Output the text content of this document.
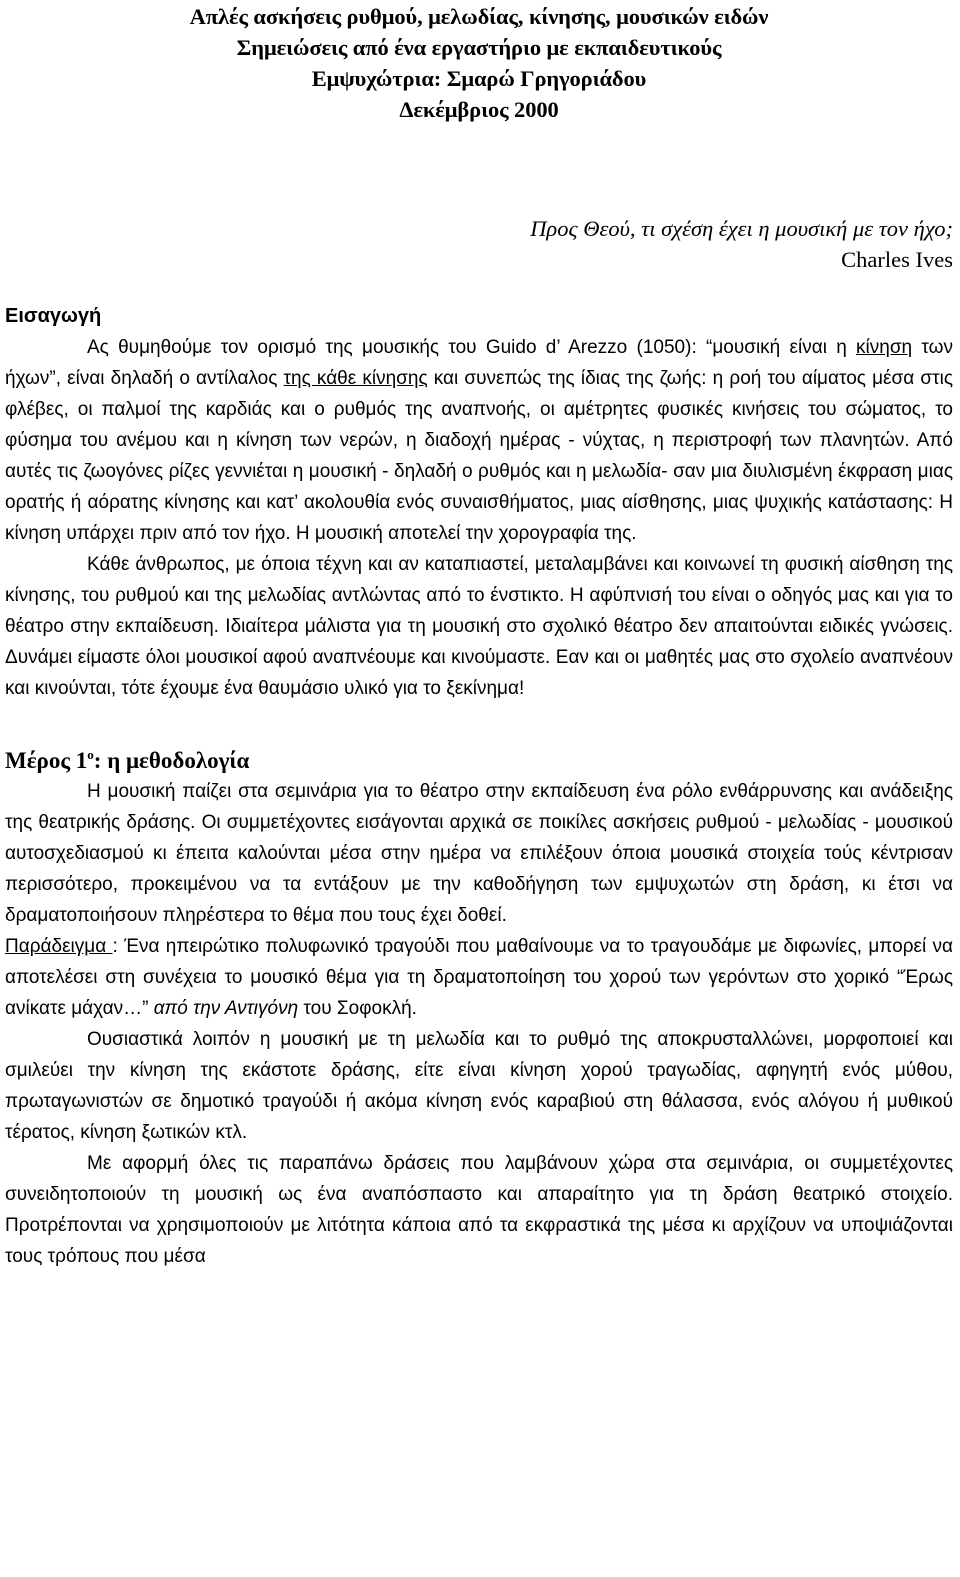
Απλές ασκήσεις ρυθμού, μελωδίας, κίνησης, μουσικών ειδών
Σημειώσεις από ένα εργαστήριο με εκπαιδευτικούς
Εμψυχώτρια: Σμαρώ Γρηγοριάδου
Δεκέμβριος 2000
Προς Θεού, τι σχέση έχει η μουσική με τον ήχο;
Charles Ives
Εισαγωγή

Ας θυμηθούμε τον ορισμό της μουσικής του Guido d’ Arezzo (1050): “μουσική είναι η κίνηση των ήχων”, είναι δηλαδή ο αντίλαλος της κάθε κίνησης και συνεπώς της ίδιας της ζωής: η ροή του αίματος μέσα στις φλέβες, οι παλμοί της καρδιάς και ο ρυθμός της αναπνοής, οι αμέτρητες φυσικές κινήσεις του σώματος, το φύσημα του ανέμου και η κίνηση των νερών, η διαδοχή ημέρας - νύχτας, η περιστροφή των πλανητών. Από αυτές τις ζωογόνες ρίζες γεννιέται η μουσική - δηλαδή ο ρυθμός και η μελωδία- σαν μια διυλισμένη έκφραση μιας ορατής ή αόρατης κίνησης και κατ’ ακολουθία ενός συναισθήματος, μιας αίσθησης, μιας ψυχικής κατάστασης: Η κίνηση υπάρχει πριν από τον ήχο. Η μουσική αποτελεί την χορογραφία της.

Κάθε άνθρωπος, με όποια τέχνη και αν καταπιαστεί, μεταλαμβάνει και κοινωνεί τη φυσική αίσθηση της κίνησης, του ρυθμού και της μελωδίας αντλώντας από το ένστικτο. Η αφύπνισή του είναι ο οδηγός μας και για το θέατρο στην εκπαίδευση. Ιδιαίτερα μάλιστα για τη μουσική στο σχολικό θέατρο δεν απαιτούνται ειδικές γνώσεις. Δυνάμει είμαστε όλοι μουσικοί αφού αναπνέουμε και κινούμαστε. Εαν και οι μαθητές μας στο σχολείο αναπνέουν και κινούνται, τότε έχουμε ένα θαυμάσιο υλικό για το ξεκίνημα!

Μέρος $1^o$: η μεθοδολογία

Η μουσική παίζει στα σεμινάρια για το θέατρο στην εκπαίδευση ένα ρόλο ενθάρρυνσης και ανάδειξης της θεατρικής δράσης. Οι συμμετέχοντες εισάγονται αρχικά σε ποικίλες ασκήσεις ρυθμού - μελωδίας - μουσικού αυτοσχεδιασμού κι έπειτα καλούνται μέσα στην ημέρα να επιλέξουν όποια μουσικά στοιχεία τούς κέντρισαν περισσότερο, προκειμένου να τα εντάξουν με την καθοδήγηση των εμψυχωτών στη δράση, κι έτσι να δραματοποιήσουν πληρέστερα το θέμα που τους έχει δοθεί.

Παράδειγμα : Ένα ηπειρώτικο πολυφωνικό τραγούδι που μαθαίνουμε να το τραγουδάμε με διφωνίες, μπορεί να αποτελέσει στη συνέχεια το μουσικό θέμα για τη δραματοποίηση του χορού των γερόντων στο χορικό “Έρως ανίκατε μάχαν…” από την Αντιγόνη του Σοφοκλή.

Ουσιαστικά λοιπόν η μουσική με τη μελωδία και το ρυθμό της αποκρυσταλλώνει, μορφοποιεί και σμιλεύει την κίνηση της εκάστοτε δράσης, είτε είναι κίνηση χορού τραγωδίας, αφηγητή ενός μύθου, πρωταγωνιστών σε δημοτικό τραγούδι ή ακόμα κίνηση ενός καραβιού στη θάλασσα, ενός αλόγου ή μυθικού τέρατος, κίνηση ξωτικών κτλ.

Με αφορμή όλες τις παραπάνω δράσεις που λαμβάνουν χώρα στα σεμινάρια, οι συμμετέχοντες συνειδητοποιούν τη μουσική ως ένα αναπόσπαστο και απαραίτητο για τη δράση θεατρικό στοιχείο. Προτρέπονται να χρησιμοποιούν με λιτότητα κάποια από τα εκφραστικά της μέσα κι αρχίζουν να υποψιάζονται τους τρόπους που μέσα
